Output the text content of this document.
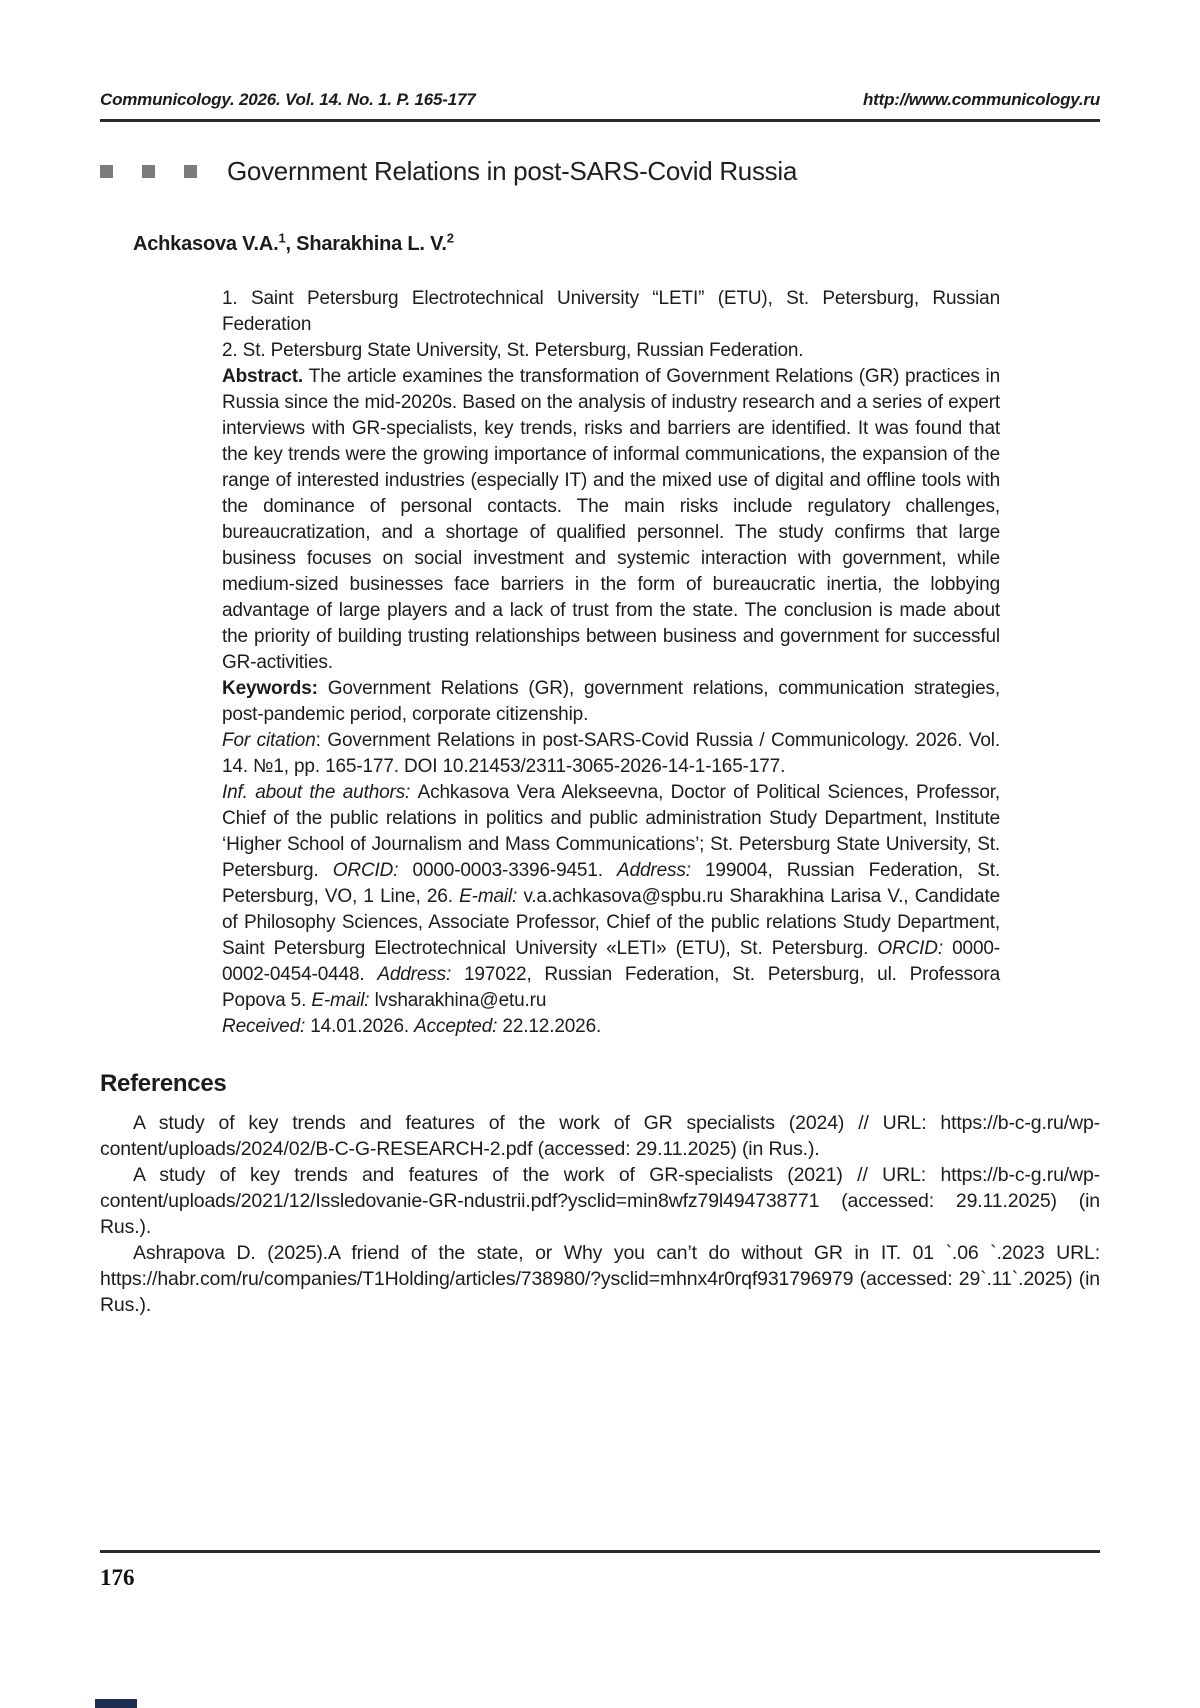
Communicology. 2026. Vol. 14. No. 1. P. 165-177	http://www.communicology.ru
Government Relations in post-SARS-Covid Russia
Achkasova V.A.$^1$, Sharakhina L. V.$^2$

1. Saint Petersburg Electrotechnical University “LETI” (ETU), St. Petersburg, Russian Federation

2. St. Petersburg State University, St. Petersburg, Russian Federation.

Abstract. The article examines the transformation of Government Relations (GR) practices in Russia since the mid-2020s. Based on the analysis of industry research and a series of expert interviews with GR-specialists, key trends, risks and barriers are identified. It was found that the key trends were the growing importance of informal communications, the expansion of the range of interested industries (especially IT) and the mixed use of digital and offline tools with the dominance of personal contacts. The main risks include regulatory challenges, bureaucratization, and a shortage of qualified personnel. The study confirms that large business focuses on social investment and systemic interaction with government, while medium-sized businesses face barriers in the form of bureaucratic inertia, the lobbying advantage of large players and a lack of trust from the state. The conclusion is made about the priority of building trusting relationships between business and government for successful GR-activities.

Keywords: Government Relations (GR), government relations, communication strategies, post-pandemic period, corporate citizenship.

For citation: Government Relations in post-SARS-Covid Russia / Communicology. 2026. Vol. 14. №1, pp. 165-177. DOI 10.21453/2311-3065-2026-14-1-165-177.

Inf. about the authors: Achkasova Vera Alekseevna, Doctor of Political Sciences, Professor, Chief of the public relations in politics and public administration Study Department, Institute ‘Higher School of Journalism and Mass Communications’; St. Petersburg State University, St. Petersburg. ORCID: 0000-0003-3396-9451. Address: 199004, Russian Federation, St. Petersburg, VO, 1 Line, 26. E-mail: v.a.achkasova@spbu.ru Sharakhina Larisa V., Candidate of Philosophy Sciences, Associate Professor, Chief of the public relations Study Department, Saint Petersburg Electrotechnical University «LETI» (ETU), St. Petersburg. ORCID: 0000-0002-0454-0448. Address: 197022, Russian Federation, St. Petersburg, ul. Professora Popova 5. E-mail: lvsharakhina@etu.ru

Received: 14.01.2026. Accepted: 22.12.2026.

References

A study of key trends and features of the work of GR specialists (2024) // URL: https://b-c-g.ru/wp-content/uploads/2024/02/B-C-G-RESEARCH-2.pdf (accessed: 29.11.2025) (in Rus.).

A study of key trends and features of the work of GR-specialists (2021) // URL: https://b-c-g.ru/wp-content/uploads/2021/12/Issledovanie-GR-ndustrii.pdf?ysclid=min8wfz79l494738771 (accessed: 29.11.2025) (in Rus.).

Ashrapova D. (2025).A friend of the state, or Why you can’t do without GR in IT. 01 `.06 `.2023 URL: https://habr.com/ru/companies/T1Holding/articles/738980/?ysclid=mhnx4r0rqf931796979 (accessed: 29`.11`.2025) (in Rus.).

176
